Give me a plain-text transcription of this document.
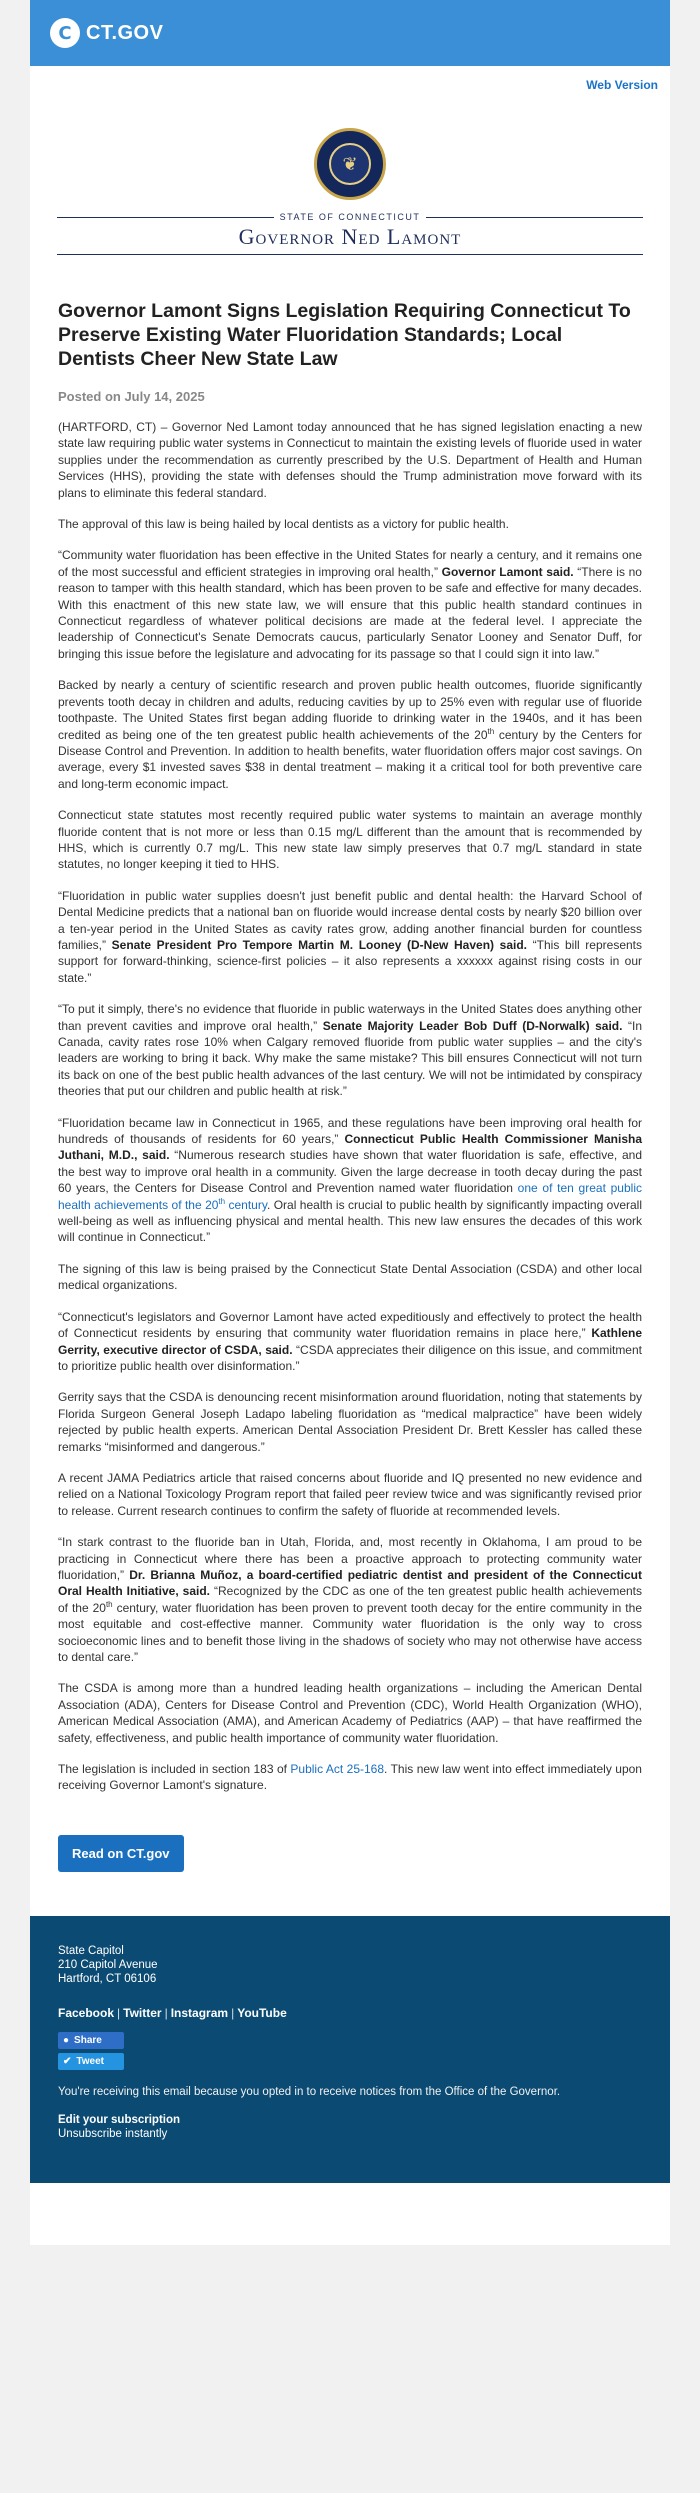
C CT.GOV
Web Version
❦
STATE OF CONNECTICUT
Governor Ned Lamont
Governor Lamont Signs Legislation Requiring Connecticut To Preserve Existing Water Fluoridation Standards; Local Dentists Cheer New State Law
Posted on July 14, 2025

(HARTFORD, CT) – Governor Ned Lamont today announced that he has signed legislation enacting a new state law requiring public water systems in Connecticut to maintain the existing levels of fluoride used in water supplies under the recommendation as currently prescribed by the U.S. Department of Health and Human Services (HHS), providing the state with defenses should the Trump administration move forward with its plans to eliminate this federal standard.

The approval of this law is being hailed by local dentists as a victory for public health.

“Community water fluoridation has been effective in the United States for nearly a century, and it remains one of the most successful and efficient strategies in improving oral health,” Governor Lamont said. “There is no reason to tamper with this health standard, which has been proven to be safe and effective for many decades. With this enactment of this new state law, we will ensure that this public health standard continues in Connecticut regardless of whatever political decisions are made at the federal level. I appreciate the leadership of Connecticut's Senate Democrats caucus, particularly Senator Looney and Senator Duff, for bringing this issue before the legislature and advocating for its passage so that I could sign it into law.”

Backed by nearly a century of scientific research and proven public health outcomes, fluoride significantly prevents tooth decay in children and adults, reducing cavities by up to 25% even with regular use of fluoride toothpaste. The United States first began adding fluoride to drinking water in the 1940s, and it has been credited as being one of the ten greatest public health achievements of the 20th century by the Centers for Disease Control and Prevention. In addition to health benefits, water fluoridation offers major cost savings. On average, every $1 invested saves $38 in dental treatment – making it a critical tool for both preventive care and long-term economic impact.

Connecticut state statutes most recently required public water systems to maintain an average monthly fluoride content that is not more or less than 0.15 mg/L different than the amount that is recommended by HHS, which is currently 0.7 mg/L. This new state law simply preserves that 0.7 mg/L standard in state statutes, no longer keeping it tied to HHS.

“Fluoridation in public water supplies doesn't just benefit public and dental health: the Harvard School of Dental Medicine predicts that a national ban on fluoride would increase dental costs by nearly $20 billion over a ten-year period in the United States as cavity rates grow, adding another financial burden for countless families,” Senate President Pro Tempore Martin M. Looney (D-New Haven) said. “This bill represents support for forward-thinking, science-first policies – it also represents a xxxxxx against rising costs in our state.”

“To put it simply, there's no evidence that fluoride in public waterways in the United States does anything other than prevent cavities and improve oral health,” Senate Majority Leader Bob Duff (D-Norwalk) said. “In Canada, cavity rates rose 10% when Calgary removed fluoride from public water supplies – and the city's leaders are working to bring it back. Why make the same mistake? This bill ensures Connecticut will not turn its back on one of the best public health advances of the last century. We will not be intimidated by conspiracy theories that put our children and public health at risk.”

“Fluoridation became law in Connecticut in 1965, and these regulations have been improving oral health for hundreds of thousands of residents for 60 years,” Connecticut Public Health Commissioner Manisha Juthani, M.D., said. “Numerous research studies have shown that water fluoridation is safe, effective, and the best way to improve oral health in a community. Given the large decrease in tooth decay during the past 60 years, the Centers for Disease Control and Prevention named water fluoridation one of ten great public health achievements of the 20th century. Oral health is crucial to public health by significantly impacting overall well-being as well as influencing physical and mental health. This new law ensures the decades of this work will continue in Connecticut.”

The signing of this law is being praised by the Connecticut State Dental Association (CSDA) and other local medical organizations.

“Connecticut's legislators and Governor Lamont have acted expeditiously and effectively to protect the health of Connecticut residents by ensuring that community water fluoridation remains in place here,” Kathlene Gerrity, executive director of CSDA, said. “CSDA appreciates their diligence on this issue, and commitment to prioritize public health over disinformation.”

Gerrity says that the CSDA is denouncing recent misinformation around fluoridation, noting that statements by Florida Surgeon General Joseph Ladapo labeling fluoridation as “medical malpractice” have been widely rejected by public health experts. American Dental Association President Dr. Brett Kessler has called these remarks “misinformed and dangerous.”

A recent JAMA Pediatrics article that raised concerns about fluoride and IQ presented no new evidence and relied on a National Toxicology Program report that failed peer review twice and was significantly revised prior to release. Current research continues to confirm the safety of fluoride at recommended levels.

“In stark contrast to the fluoride ban in Utah, Florida, and, most recently in Oklahoma, I am proud to be practicing in Connecticut where there has been a proactive approach to protecting community water fluoridation,” Dr. Brianna Muñoz, a board-certified pediatric dentist and president of the Connecticut Oral Health Initiative, said. “Recognized by the CDC as one of the ten greatest public health achievements of the 20th century, water fluoridation has been proven to prevent tooth decay for the entire community in the most equitable and cost-effective manner. Community water fluoridation is the only way to cross socioeconomic lines and to benefit those living in the shadows of society who may not otherwise have access to dental care.”

The CSDA is among more than a hundred leading health organizations – including the American Dental Association (ADA), Centers for Disease Control and Prevention (CDC), World Health Organization (WHO), American Medical Association (AMA), and American Academy of Pediatrics (AAP) – that have reaffirmed the safety, effectiveness, and public health importance of community water fluoridation.

The legislation is included in section 183 of Public Act 25-168. This new law went into effect immediately upon receiving Governor Lamont's signature.

Read on CT.gov
State Capitol
210 Capitol Avenue
Hartford, CT 06106
Facebook | Twitter | Instagram | YouTube
● Share
✔ Tweet
You're receiving this email because you opted in to receive notices from the Office of the Governor.
Edit your subscription
Unsubscribe instantly
